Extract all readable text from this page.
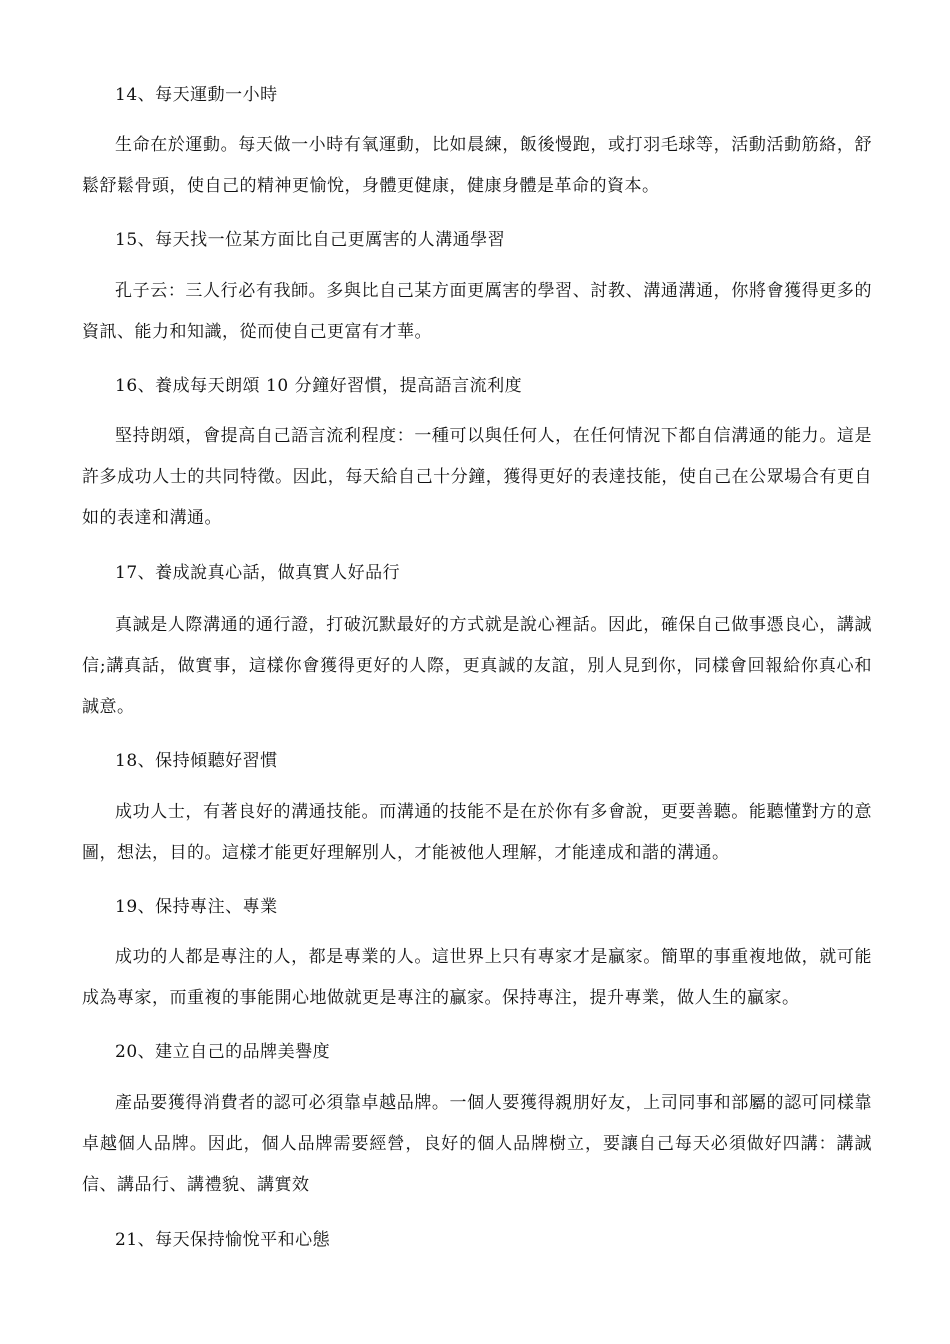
14、每天運動一小時
生命在於運動。每天做一小時有氧運動，比如晨練，飯後慢跑，或打羽毛球等，活動活動筋絡，舒鬆舒鬆骨頭，使自己的精神更愉悅，身體更健康，健康身體是革命的資本。
15、每天找一位某方面比自己更厲害的人溝通學習
孔子云：三人行必有我師。多與比自己某方面更厲害的學習、討教、溝通溝通，你將會獲得更多的資訊、能力和知識，從而使自己更富有才華。
16、養成每天朗頌 10 分鐘好習慣，提高語言流利度
堅持朗頌，會提高自己語言流利程度：一種可以與任何人，在任何情況下都自信溝通的能力。這是許多成功人士的共同特徵。因此，每天給自己十分鐘，獲得更好的表達技能，使自己在公眾場合有更自如的表達和溝通。
17、養成說真心話，做真實人好品行
真誠是人際溝通的通行證，打破沉默最好的方式就是說心裡話。因此，確保自己做事憑良心，講誠信;講真話，做實事，這樣你會獲得更好的人際，更真誠的友誼，別人見到你，同樣會回報給你真心和誠意。
18、保持傾聽好習慣
成功人士，有著良好的溝通技能。而溝通的技能不是在於你有多會說，更要善聽。能聽懂對方的意圖，想法，目的。這樣才能更好理解別人，才能被他人理解，才能達成和諧的溝通。
19、保持專注、專業
成功的人都是專注的人，都是專業的人。這世界上只有專家才是贏家。簡單的事重複地做，就可能成為專家，而重複的事能開心地做就更是專注的贏家。保持專注，提升專業，做人生的贏家。
20、建立自己的品牌美譽度
產品要獲得消費者的認可必須靠卓越品牌。一個人要獲得親朋好友，上司同事和部屬的認可同樣靠卓越個人品牌。因此，個人品牌需要經營，良好的個人品牌樹立，要讓自己每天必須做好四講：講誠信、講品行、講禮貌、講實效
21、每天保持愉悅平和心態
